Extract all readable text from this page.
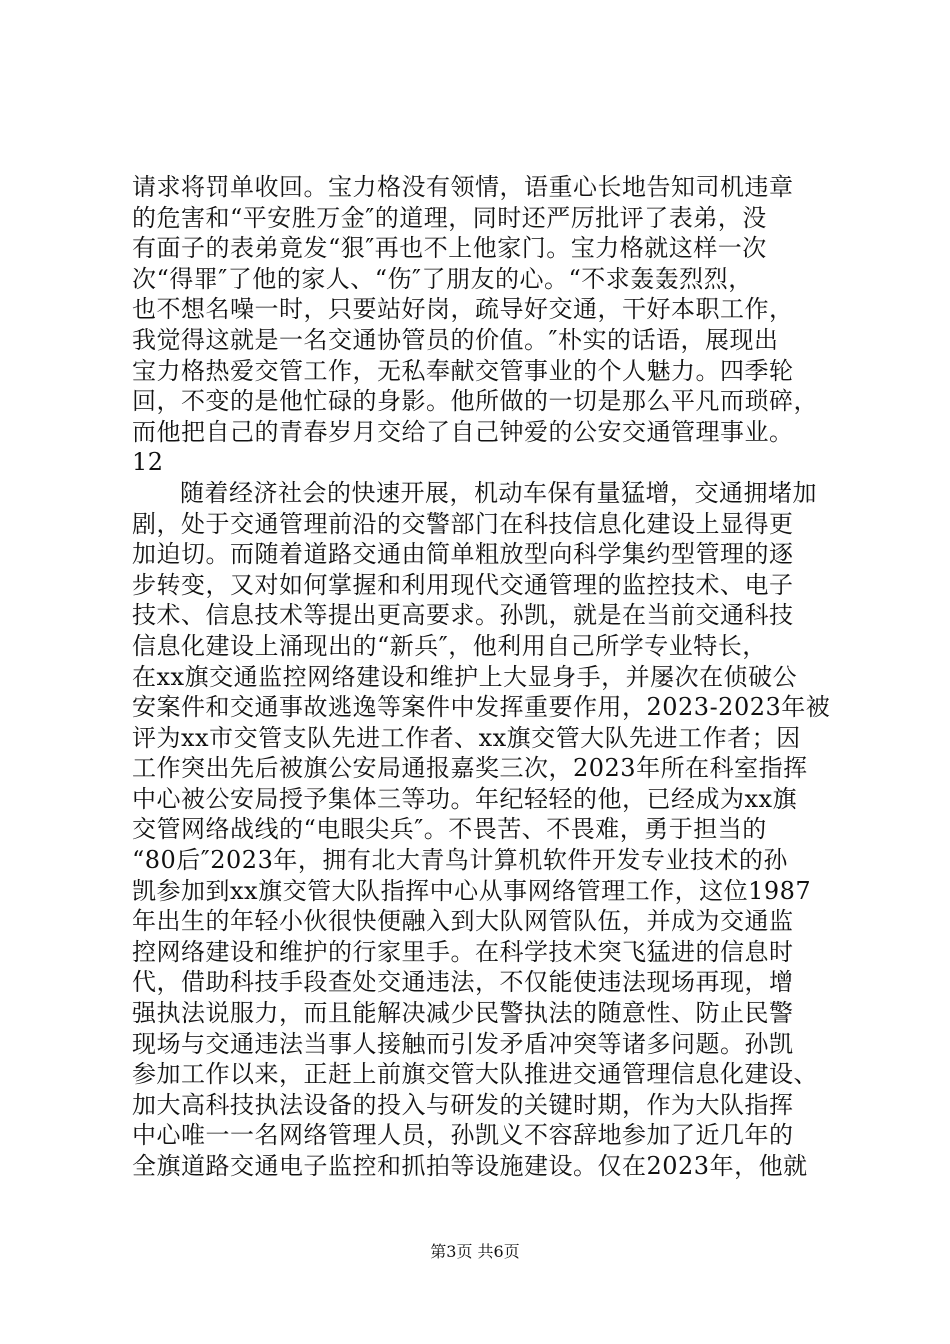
请求将罚单收回。宝力格没有领情，语重心长地告知司机违章
的危害和“平安胜万金″的道理，同时还严厉批评了表弟，没
有面子的表弟竟发“狠″再也不上他家门。宝力格就这样一次
次“得罪″了他的家人、“伤″了朋友的心。“不求轰轰烈烈，
也不想名噪一时，只要站好岗，疏导好交通，干好本职工作，
我觉得这就是一名交通协管员的价值。″朴实的话语，展现出
宝力格热爱交管工作，无私奉献交管事业的个人魅力。四季轮
回，不变的是他忙碌的身影。他所做的一切是那么平凡而琐碎，
而他把自己的青春岁月交给了自己钟爱的公安交通管理事业。
12
随着经济社会的快速开展，机动车保有量猛增，交通拥堵加
剧，处于交通管理前沿的交警部门在科技信息化建设上显得更
加迫切。而随着道路交通由简单粗放型向科学集约型管理的逐
步转变，又对如何掌握和利用现代交通管理的监控技术、电子
技术、信息技术等提出更高要求。孙凯，就是在当前交通科技
信息化建设上涌现出的“新兵″，他利用自己所学专业特长，
在xx旗交通监控网络建设和维护上大显身手，并屡次在侦破公
安案件和交通事故逃逸等案件中发挥重要作用，2023-2023年被
评为xx市交管支队先进工作者、xx旗交管大队先进工作者；因
工作突出先后被旗公安局通报嘉奖三次，2023年所在科室指挥
中心被公安局授予集体三等功。年纪轻轻的他，已经成为xx旗
交管网络战线的“电眼尖兵″。不畏苦、不畏难，勇于担当的
“80后″2023年，拥有北大青鸟计算机软件开发专业技术的孙
凯参加到xx旗交管大队指挥中心从事网络管理工作，这位1987
年出生的年轻小伙很快便融入到大队网管队伍，并成为交通监
控网络建设和维护的行家里手。在科学技术突飞猛进的信息时
代，借助科技手段查处交通违法，不仅能使违法现场再现，增
强执法说服力，而且能解决减少民警执法的随意性、防止民警
现场与交通违法当事人接触而引发矛盾冲突等诸多问题。孙凯
参加工作以来，正赶上前旗交管大队推进交通管理信息化建设、
加大高科技执法设备的投入与研发的关键时期，作为大队指挥
中心唯一一名网络管理人员，孙凯义不容辞地参加了近几年的
全旗道路交通电子监控和抓拍等设施建设。仅在2023年，他就
第3页 共6页
